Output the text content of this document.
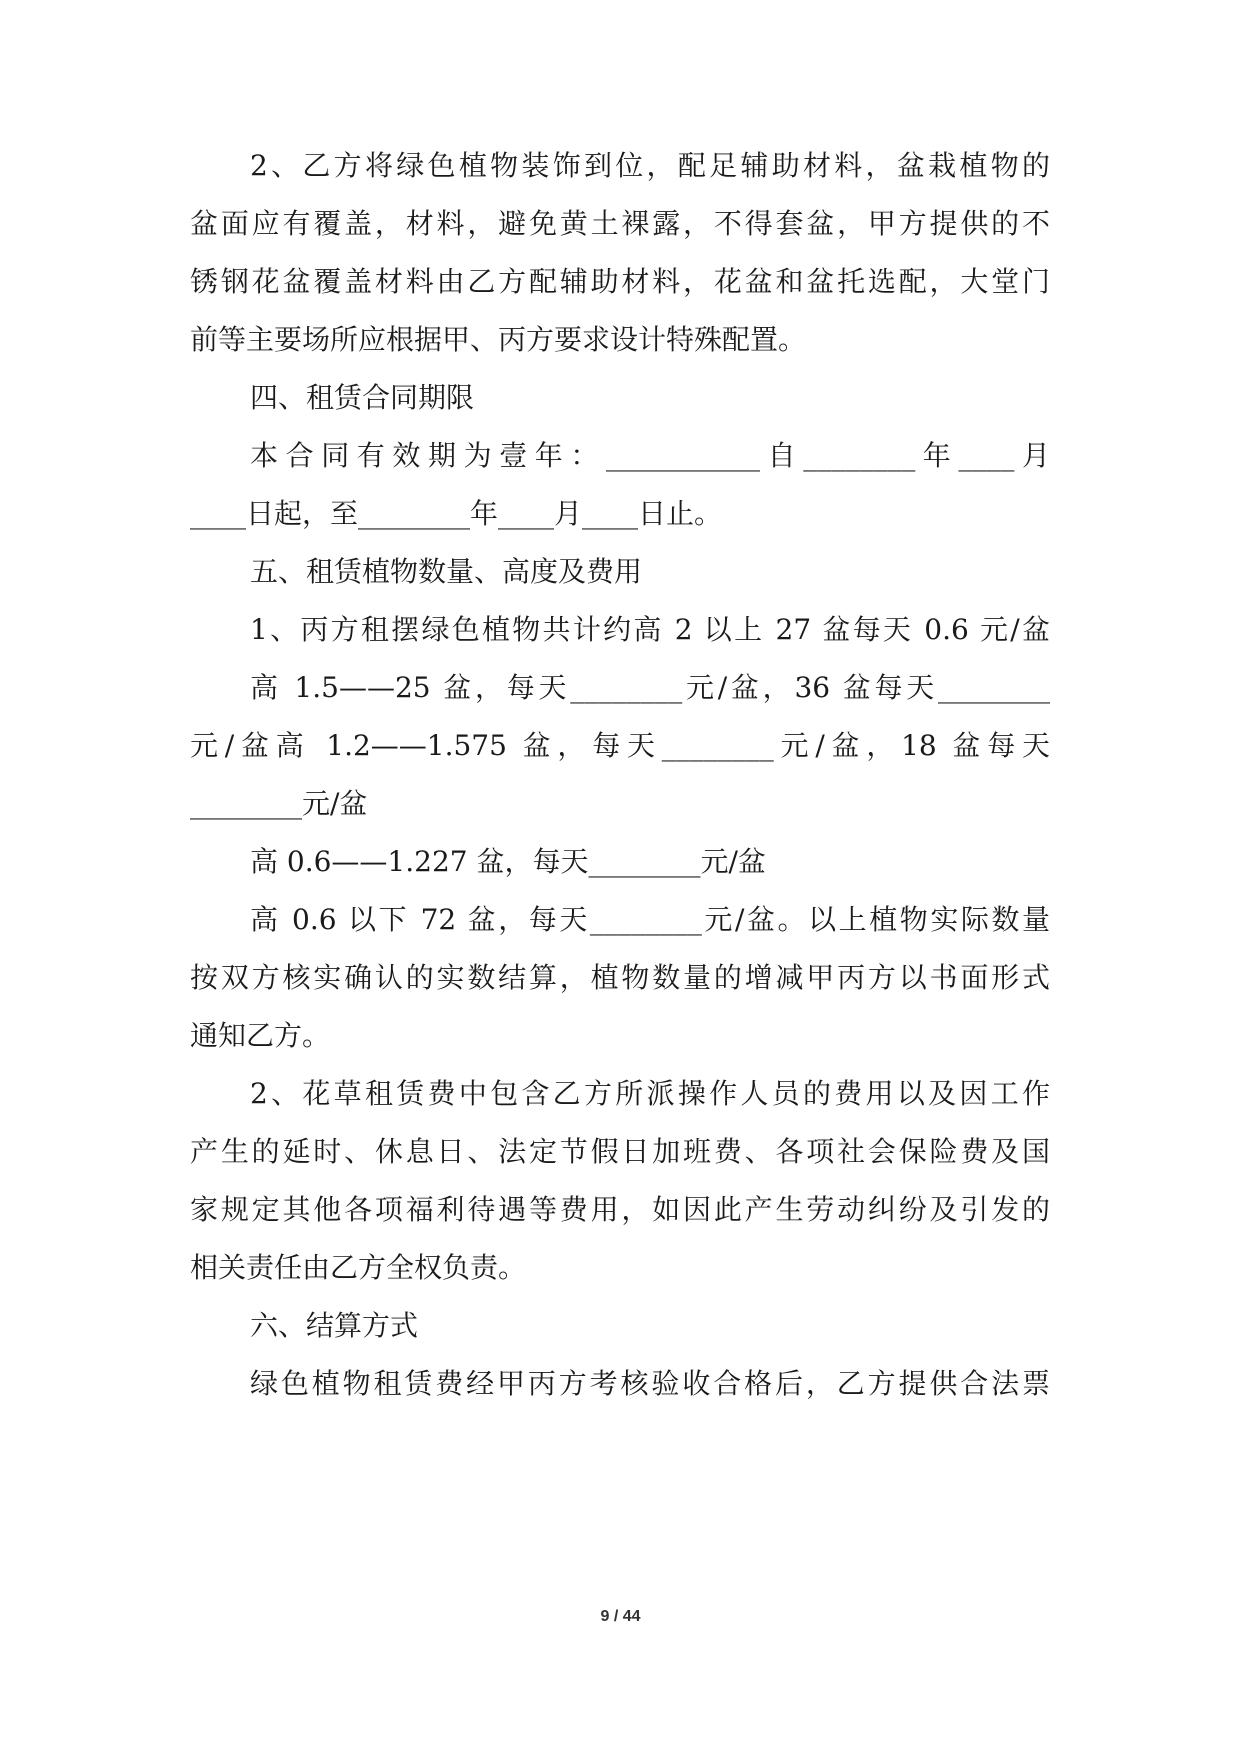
2、乙方将绿色植物装饰到位，配足辅助材料，盆栽植物的
盆面应有覆盖，材料，避免黄土裸露，不得套盆，甲方提供的不
锈钢花盆覆盖材料由乙方配辅助材料，花盆和盆托选配，大堂门
前等主要场所应根据甲、丙方要求设计特殊配置。
四、租赁合同期限
本合同有效期为壹年：___________自________年____月
____日起，至________年____月____日止。
五、租赁植物数量、高度及费用
1、丙方租摆绿色植物共计约高 2 以上 27 盆每天 0.6 元/盆
高 1.5——25 盆，每天________元/盆，36 盆每天________
元/盆高 1.2——1.575 盆，每天________元/盆，18 盆每天
________元/盆
高 0.6——1.227 盆，每天________元/盆
高 0.6 以下 72 盆，每天________元/盆。以上植物实际数量
按双方核实确认的实数结算，植物数量的增减甲丙方以书面形式
通知乙方。
2、花草租赁费中包含乙方所派操作人员的费用以及因工作
产生的延时、休息日、法定节假日加班费、各项社会保险费及国
家规定其他各项福利待遇等费用，如因此产生劳动纠纷及引发的
相关责任由乙方全权负责。
六、结算方式
绿色植物租赁费经甲丙方考核验收合格后，乙方提供合法票
9 / 44
